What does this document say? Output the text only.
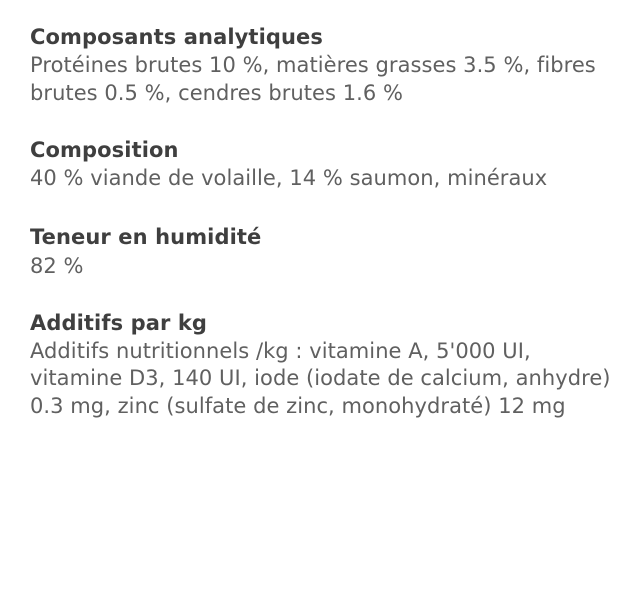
Composants analytiques

Protéines brutes 10 %, matières grasses 3.5 %, fibres brutes 0.5 %, cendres brutes 1.6 %

Composition

40 % viande de volaille, 14 % saumon, minéraux

Teneur en humidité

82 %

Additifs par kg

Additifs nutritionnels /kg : vitamine A, 5'000 UI, vitamine D3, 140 UI, iode (iodate de calcium, anhydre) 0.3 mg, zinc (sulfate de zinc, monohydraté) 12 mg
